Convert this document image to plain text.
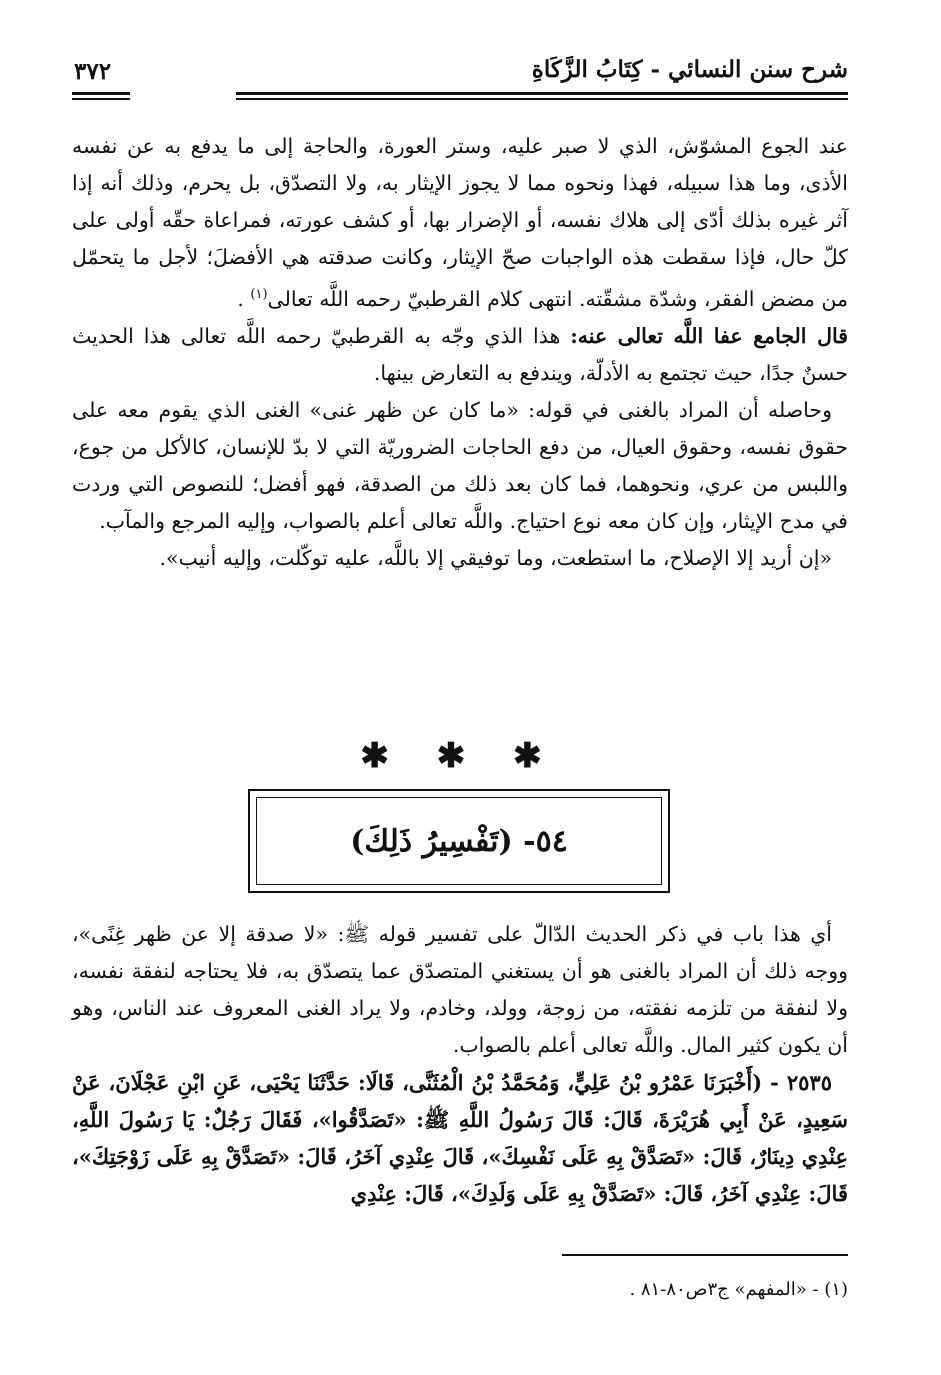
شرح سنن النسائي - كِتَابُ الزَّكَاةِ
٣٧٢

عند الجوع المشوّش، الذي لا صبر عليه، وستر العورة، والحاجة إلى ما يدفع به عن نفسه الأذى، وما هذا سبيله، فهذا ونحوه مما لا يجوز الإيثار به، ولا التصدّق، بل يحرم، وذلك أنه إذا آثر غيره بذلك أدّى إلى هلاك نفسه، أو الإضرار بها، أو كشف عورته، فمراعاة حقّه أولى على كلّ حال، فإذا سقطت هذه الواجبات صحّ الإيثار، وكانت صدقته هي الأفضلَ؛ لأجل ما يتحمّل من مضض الفقر، وشدّة مشقّته. انتهى كلام القرطبيّ رحمه اللَّه تعالى$^{(١)}$ .

قال الجامع عفا اللَّه تعالى عنه: هذا الذي وجّه به القرطبيّ رحمه اللَّه تعالى هذا الحديث حسنٌ جدًا، حيث تجتمع به الأدلّة، ويندفع به التعارض بينها.

وحاصله أن المراد بالغنى في قوله: «ما كان عن ظهر غنى» الغنى الذي يقوم معه على حقوق نفسه، وحقوق العيال، من دفع الحاجات الضروريّة التي لا بدّ للإنسان، كالأكل من جوع، واللبس من عري، ونحوهما، فما كان بعد ذلك من الصدقة، فهو أفضل؛ للنصوص التي وردت في مدح الإيثار، وإن كان معه نوع احتياج. واللَّه تعالى أعلم بالصواب، وإليه المرجع والمآب.

«إن أريد إلا الإصلاح، ما استطعت، وما توفيقي إلا باللَّه، عليه توكّلت، وإليه أنيب».

✱ ✱ ✱
٥٤- (تَفْسِيرُ ذَلِكَ)

أي هذا باب في ذكر الحديث الدّالّ على تفسير قوله ﷺ: «لا صدقة إلا عن ظهر غِنًى»، ووجه ذلك أن المراد بالغنى هو أن يستغني المتصدّق عما يتصدّق به، فلا يحتاجه لنفقة نفسه، ولا لنفقة من تلزمه نفقته، من زوجة، وولد، وخادم، ولا يراد الغنى المعروف عند الناس، وهو أن يكون كثير المال. واللَّه تعالى أعلم بالصواب.

٢٥٣٥ - (أَخْبَرَنَا عَمْرُو بْنُ عَلِيٍّ، وَمُحَمَّدُ بْنُ الْمُثَنَّى، قَالَا: حَدَّثَنَا يَحْيَى، عَنِ ابْنِ عَجْلَانَ، عَنْ سَعِيدٍ، عَنْ أَبِي هُرَيْرَةَ، قَالَ: قَالَ رَسُولُ اللَّهِ ﷺ: «تَصَدَّقُوا»، فَقَالَ رَجُلٌ: يَا رَسُولَ اللَّهِ، عِنْدِي دِينَارٌ، قَالَ: «تَصَدَّقْ بِهِ عَلَى نَفْسِكَ»، قَالَ عِنْدِي آخَرُ، قَالَ: «تَصَدَّقْ بِهِ عَلَى زَوْجَتِكَ»، قَالَ: عِنْدِي آخَرُ، قَالَ: «تَصَدَّقْ بِهِ عَلَى وَلَدِكَ»، قَالَ: عِنْدِي

(١) - «المفهم» ج٣ص٨٠-٨١ .
